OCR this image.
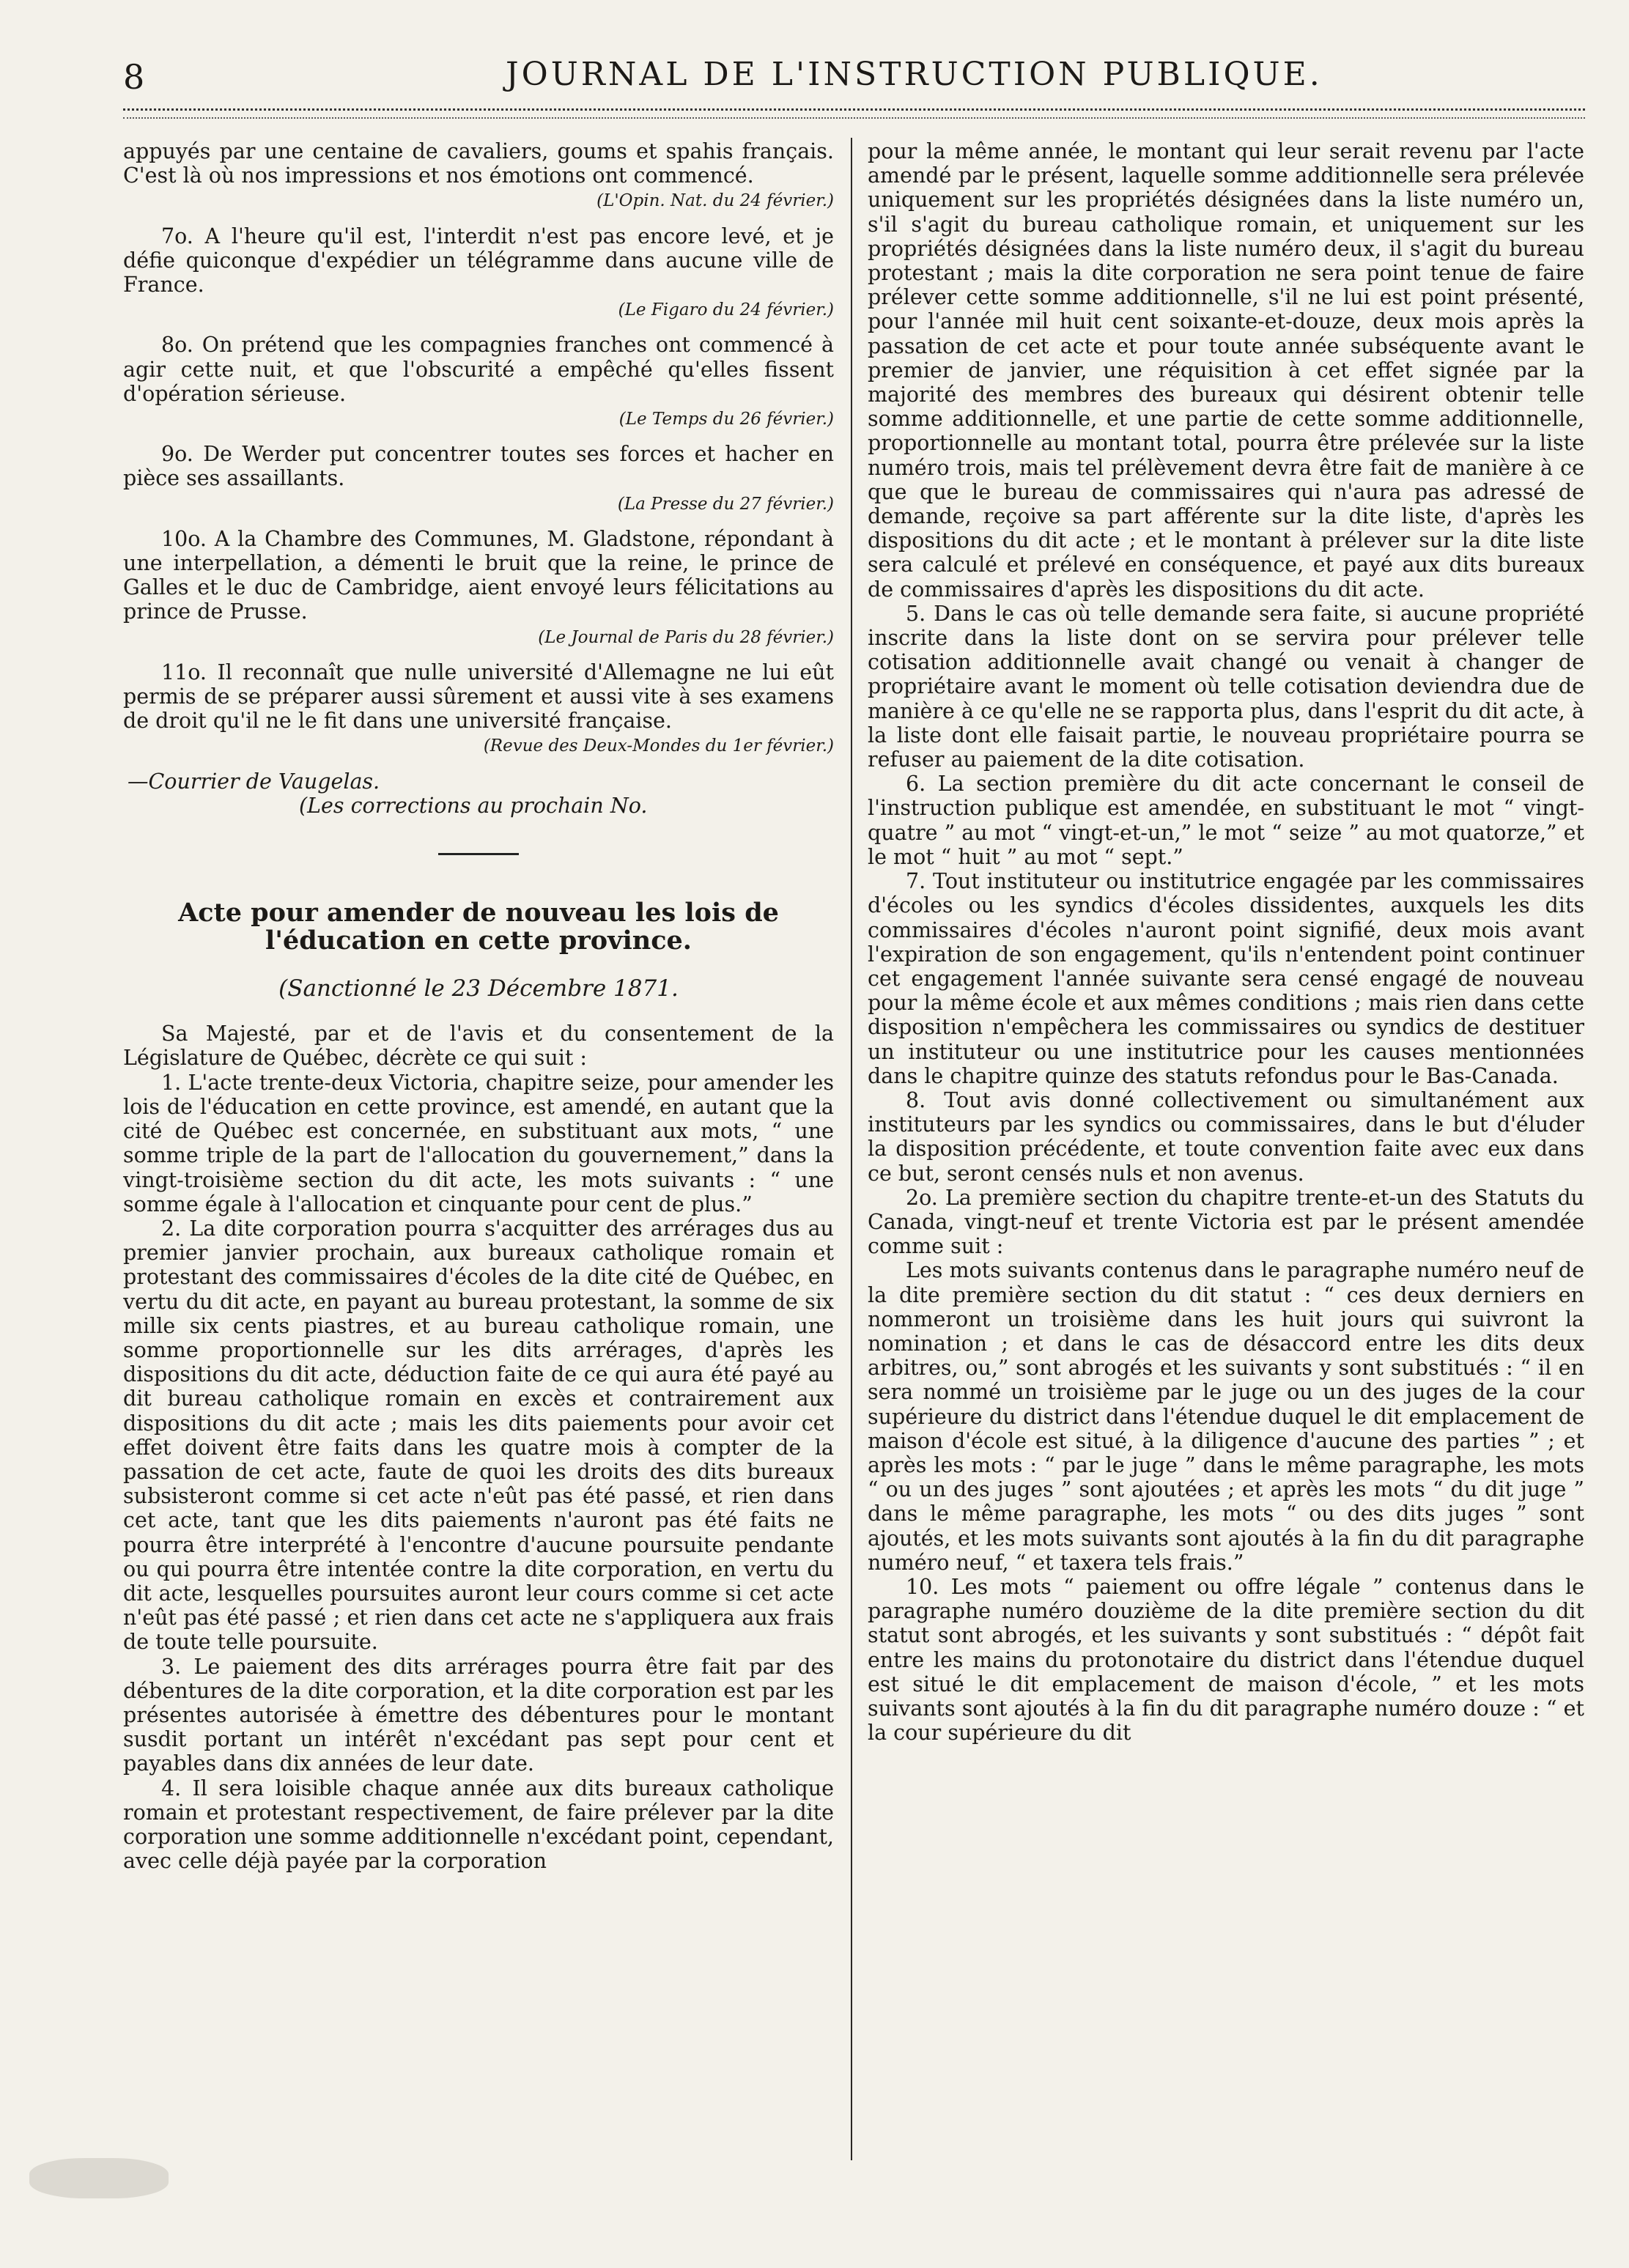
8	JOURNAL DE L'INSTRUCTION PUBLIQUE.

appuyés par une centaine de cavaliers, goums et spahis français. C'est là où nos impressions et nos émotions ont commencé.

(L'Opin. Nat. du 24 février.)

7o. A l'heure qu'il est, l'interdit n'est pas encore levé, et je défie quiconque d'expédier un télégramme dans aucune ville de France.

(Le Figaro du 24 février.)

8o. On prétend que les compagnies franches ont commencé à agir cette nuit, et que l'obscurité a empêché qu'elles fissent d'opération sérieuse.

(Le Temps du 26 février.)

9o. De Werder put concentrer toutes ses forces et hacher en pièce ses assaillants.

(La Presse du 27 février.)

10o. A la Chambre des Communes, M. Gladstone, répondant à une interpellation, a démenti le bruit que la reine, le prince de Galles et le duc de Cambridge, aient envoyé leurs félicitations au prince de Prusse.

(Le Journal de Paris du 28 février.)

11o. Il reconnaît que nulle université d'Allemagne ne lui eût permis de se préparer aussi sûrement et aussi vite à ses examens de droit qu'il ne le fit dans une université française.

(Revue des Deux-Mondes du 1er février.)

—Courrier de Vaugelas.

(Les corrections au prochain No.

Acte pour amender de nouveau les lois de l'éducation en cette province.

(Sanctionné le 23 Décembre 1871.

Sa Majesté, par et de l'avis et du consentement de la Législature de Québec, décrète ce qui suit :

1. L'acte trente-deux Victoria, chapitre seize, pour amender les lois de l'éducation en cette province, est amendé, en autant que la cité de Québec est concernée, en substituant aux mots, “ une somme triple de la part de l'allocation du gouvernement,” dans la vingt-troisième section du dit acte, les mots suivants : “ une somme égale à l'allocation et cinquante pour cent de plus.”

2. La dite corporation pourra s'acquitter des arrérages dus au premier janvier prochain, aux bureaux catholique romain et protestant des commissaires d'écoles de la dite cité de Québec, en vertu du dit acte, en payant au bureau protestant, la somme de six mille six cents piastres, et au bureau catholique romain, une somme proportionnelle sur les dits arrérages, d'après les dispositions du dit acte, déduction faite de ce qui aura été payé au dit bureau catholique romain en excès et contrairement aux dispositions du dit acte ; mais les dits paiements pour avoir cet effet doivent être faits dans les quatre mois à compter de la passation de cet acte, faute de quoi les droits des dits bureaux subsisteront comme si cet acte n'eût pas été passé, et rien dans cet acte, tant que les dits paiements n'auront pas été faits ne pourra être interprété à l'encontre d'aucune poursuite pendante ou qui pourra être intentée contre la dite corporation, en vertu du dit acte, lesquelles poursuites auront leur cours comme si cet acte n'eût pas été passé ; et rien dans cet acte ne s'appliquera aux frais de toute telle poursuite.

3. Le paiement des dits arrérages pourra être fait par des débentures de la dite corporation, et la dite corporation est par les présentes autorisée à émettre des débentures pour le montant susdit portant un intérêt n'excédant pas sept pour cent et payables dans dix années de leur date.

4. Il sera loisible chaque année aux dits bureaux catholique romain et protestant respectivement, de faire prélever par la dite corporation une somme additionnelle n'excédant point, cependant, avec celle déjà payée par la corporation

pour la même année, le montant qui leur serait revenu par l'acte amendé par le présent, laquelle somme additionnelle sera prélevée uniquement sur les propriétés désignées dans la liste numéro un, s'il s'agit du bureau catholique romain, et uniquement sur les propriétés désignées dans la liste numéro deux, il s'agit du bureau protestant ; mais la dite corporation ne sera point tenue de faire prélever cette somme additionnelle, s'il ne lui est point présenté, pour l'année mil huit cent soixante-et-douze, deux mois après la passation de cet acte et pour toute année subséquente avant le premier de janvier, une réquisition à cet effet signée par la majorité des membres des bureaux qui désirent obtenir telle somme additionnelle, et une partie de cette somme additionnelle, proportionnelle au montant total, pourra être prélevée sur la liste numéro trois, mais tel prélèvement devra être fait de manière à ce que que le bureau de commissaires qui n'aura pas adressé de demande, reçoive sa part afférente sur la dite liste, d'après les dispositions du dit acte ; et le montant à prélever sur la dite liste sera calculé et prélevé en conséquence, et payé aux dits bureaux de commissaires d'après les dispositions du dit acte.

5. Dans le cas où telle demande sera faite, si aucune propriété inscrite dans la liste dont on se servira pour prélever telle cotisation additionnelle avait changé ou venait à changer de propriétaire avant le moment où telle cotisation deviendra due de manière à ce qu'elle ne se rapporta plus, dans l'esprit du dit acte, à la liste dont elle faisait partie, le nouveau propriétaire pourra se refuser au paiement de la dite cotisation.

6. La section première du dit acte concernant le conseil de l'instruction publique est amendée, en substituant le mot “ vingt-quatre ” au mot “ vingt-et-un,” le mot “ seize ” au mot quatorze,” et le mot “ huit ” au mot “ sept.”

7. Tout instituteur ou institutrice engagée par les commissaires d'écoles ou les syndics d'écoles dissidentes, auxquels les dits commissaires d'écoles n'auront point signifié, deux mois avant l'expiration de son engagement, qu'ils n'entendent point continuer cet engagement l'année suivante sera censé engagé de nouveau pour la même école et aux mêmes conditions ; mais rien dans cette disposition n'empêchera les commissaires ou syndics de destituer un instituteur ou une institutrice pour les causes mentionnées dans le chapitre quinze des statuts refondus pour le Bas-Canada.

8. Tout avis donné collectivement ou simultanément aux instituteurs par les syndics ou commissaires, dans le but d'éluder la disposition précédente, et toute convention faite avec eux dans ce but, seront censés nuls et non avenus.

2o. La première section du chapitre trente-et-un des Statuts du Canada, vingt-neuf et trente Victoria est par le présent amendée comme suit :

Les mots suivants contenus dans le paragraphe numéro neuf de la dite première section du dit statut : “ ces deux derniers en nommeront un troisième dans les huit jours qui suivront la nomination ; et dans le cas de désaccord entre les dits deux arbitres, ou,” sont abrogés et les suivants y sont substitués : “ il en sera nommé un troisième par le juge ou un des juges de la cour supérieure du district dans l'étendue duquel le dit emplacement de maison d'école est situé, à la diligence d'aucune des parties ” ; et après les mots : “ par le juge ” dans le même paragraphe, les mots “ ou un des juges ” sont ajoutées ; et après les mots “ du dit juge ” dans le même paragraphe, les mots “ ou des dits juges ” sont ajoutés, et les mots suivants sont ajoutés à la fin du dit paragraphe numéro neuf, “ et taxera tels frais.”

10. Les mots “ paiement ou offre légale ” contenus dans le paragraphe numéro douzième de la dite première section du dit statut sont abrogés, et les suivants y sont substitués : “ dépôt fait entre les mains du protonotaire du district dans l'étendue duquel est situé le dit emplacement de maison d'école, ” et les mots suivants sont ajoutés à la fin du dit paragraphe numéro douze : “ et la cour supérieure du dit
